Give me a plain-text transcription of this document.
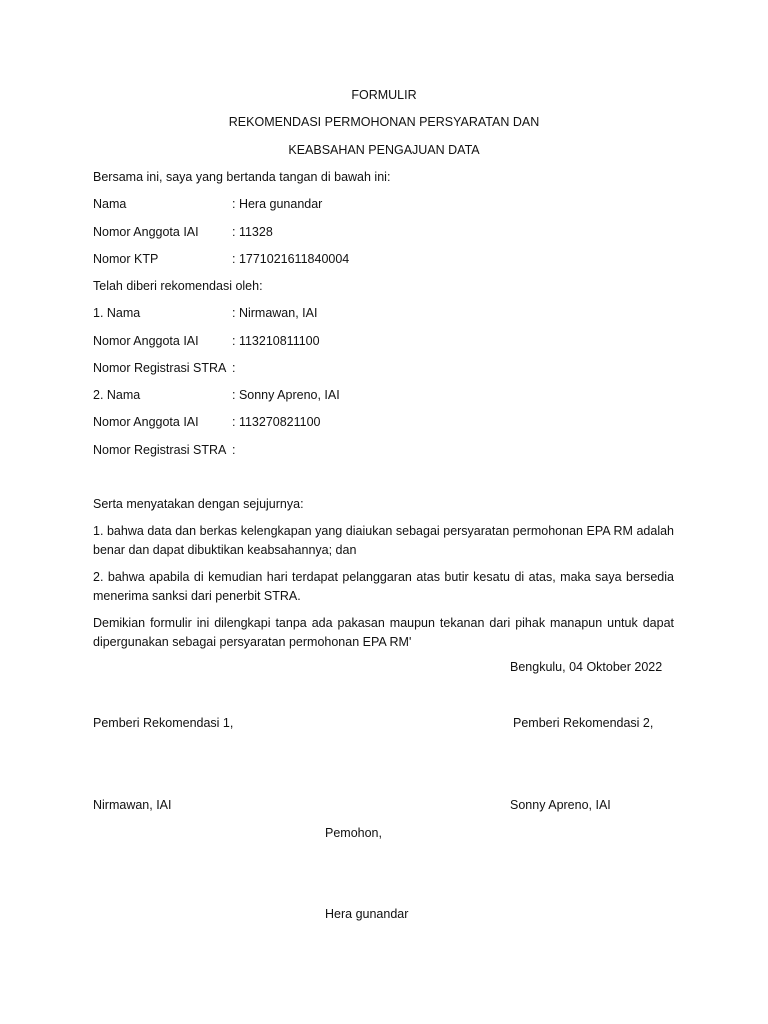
FORMULIR
REKOMENDASI PERMOHONAN PERSYARATAN DAN
KEABSAHAN PENGAJUAN DATA
Bersama ini, saya yang bertanda tangan di bawah ini:
Nama	: Hera gunandar
Nomor Anggota IAI	: 11328
Nomor KTP	: 1771021611840004
Telah diberi rekomendasi oleh:
1. Nama	: Nirmawan, IAI
Nomor Anggota IAI	: 113210811100
Nomor Registrasi STRA :
2. Nama	: Sonny Apreno, IAI
Nomor Anggota IAI	: 113270821100
Nomor Registrasi STRA :
Serta menyatakan dengan sejujurnya:
1. bahwa data dan berkas kelengkapan yang diaiukan sebagai persyaratan permohonan EPA RM adalah benar dan dapat dibuktikan keabsahannya; dan
2. bahwa apabila di kemudian hari terdapat pelanggaran atas butir kesatu di atas, maka saya bersedia menerima sanksi dari penerbit STRA.
Demikian formulir ini dilengkapi tanpa ada pakasan maupun tekanan dari pihak manapun untuk dapat dipergunakan sebagai persyaratan permohonan EPA RM'
Bengkulu, 04 Oktober 2022
Pemberi Rekomendasi 1,	Pemberi Rekomendasi 2,
Nirmawan, IAI	Sonny Apreno, IAI
Pemohon,
Hera gunandar
